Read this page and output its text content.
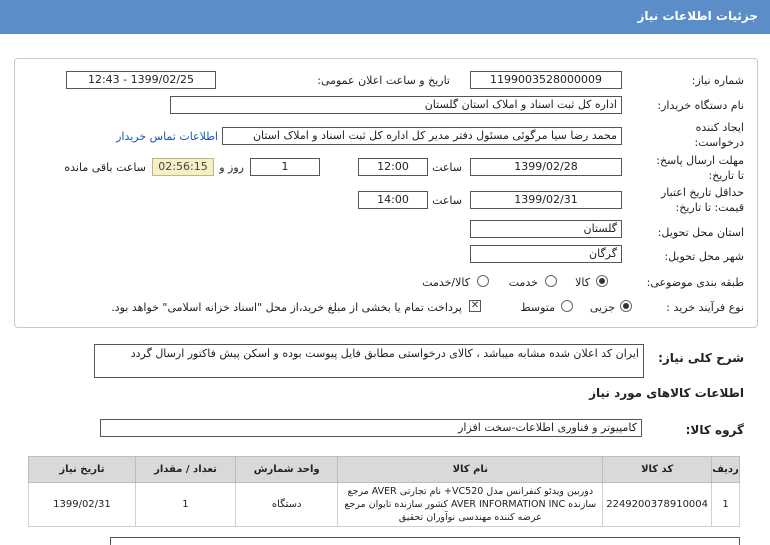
جزئیات اطلاعات نیاز
شماره نیاز:
1199003528000009
تاریخ و ساعت اعلان عمومی:
1399/02/25 - 12:43
نام دستگاه خریدار:
اداره کل ثبت اسناد و املاک استان گلستان
ایجاد کننده
درخواست:
محمد رضا سیا مرگوئی مسئول دفتر مدیر کل اداره کل ثبت اسناد و املاک استان
اطلاعات تماس خریدار
مهلت ارسال پاسخ:
تا تاریخ:
1399/02/28
ساعت
12:00
1
روز و
02:56:15
ساعت باقی مانده
حداقل تاریخ اعتبار
قیمت: تا تاریخ:
1399/02/31
ساعت
14:00
استان محل تحویل:
گلستان
شهر محل تحویل:
گرگان
طبقه بندی موضوعی:
کالا
خدمت
کالا/خدمت
نوع فرآیند خرید :
جزیی
متوسط
✕
پرداخت تمام یا بخشی از مبلغ خرید،از محل "اسناد خزانه اسلامی" خواهد بود.
شرح کلی نیاز:
ایران کد اعلان شده مشابه میباشد ، کالای درخواستی مطابق فایل پیوست بوده و اسکن پیش فاکتور ارسال گردد
اطلاعات کالاهای مورد نیاز
گروه کالا:
کامپیوتر و فناوری اطلاعات-سخت افزار
ردیف	کد کالا	نام کالا	واحد شمارش	تعداد / مقدار	تاریخ نیاز
1	2249200378910004	دوربین ویدئو کنفرانس مدل VC520+ نام تجارتی AVER مرجع سازنده AVER INFORMATION INC کشور سازنده تایوان مرجع عرضه کننده مهندسی نوآوران تحقیق	دستگاه	1	1399/02/31
